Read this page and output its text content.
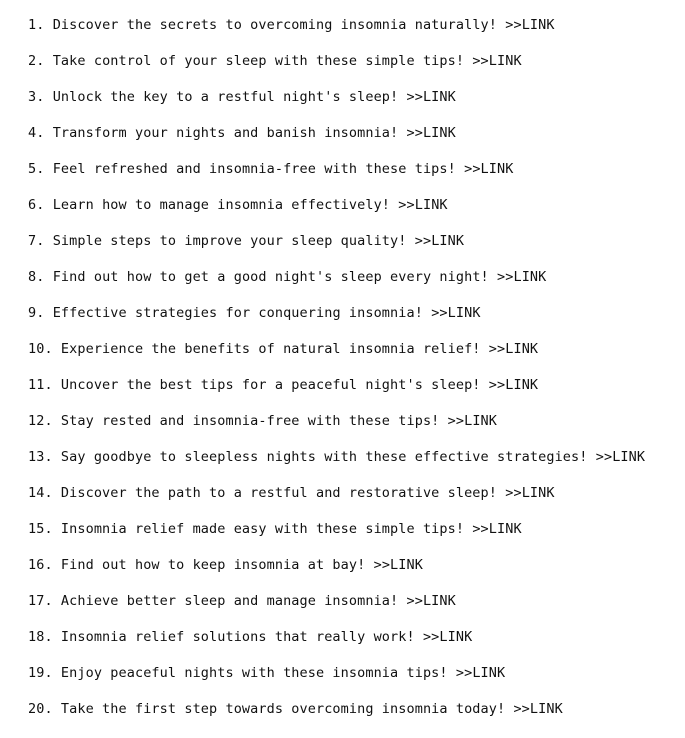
1. Discover the secrets to overcoming insomnia naturally! >>LINK
2. Take control of your sleep with these simple tips! >>LINK
3. Unlock the key to a restful night's sleep! >>LINK
4. Transform your nights and banish insomnia! >>LINK
5. Feel refreshed and insomnia-free with these tips! >>LINK
6. Learn how to manage insomnia effectively! >>LINK
7. Simple steps to improve your sleep quality! >>LINK
8. Find out how to get a good night's sleep every night! >>LINK
9. Effective strategies for conquering insomnia! >>LINK
10. Experience the benefits of natural insomnia relief! >>LINK
11. Uncover the best tips for a peaceful night's sleep! >>LINK
12. Stay rested and insomnia-free with these tips! >>LINK
13. Say goodbye to sleepless nights with these effective strategies! >>LINK
14. Discover the path to a restful and restorative sleep! >>LINK
15. Insomnia relief made easy with these simple tips! >>LINK
16. Find out how to keep insomnia at bay! >>LINK
17. Achieve better sleep and manage insomnia! >>LINK
18. Insomnia relief solutions that really work! >>LINK
19. Enjoy peaceful nights with these insomnia tips! >>LINK
20. Take the first step towards overcoming insomnia today! >>LINK
